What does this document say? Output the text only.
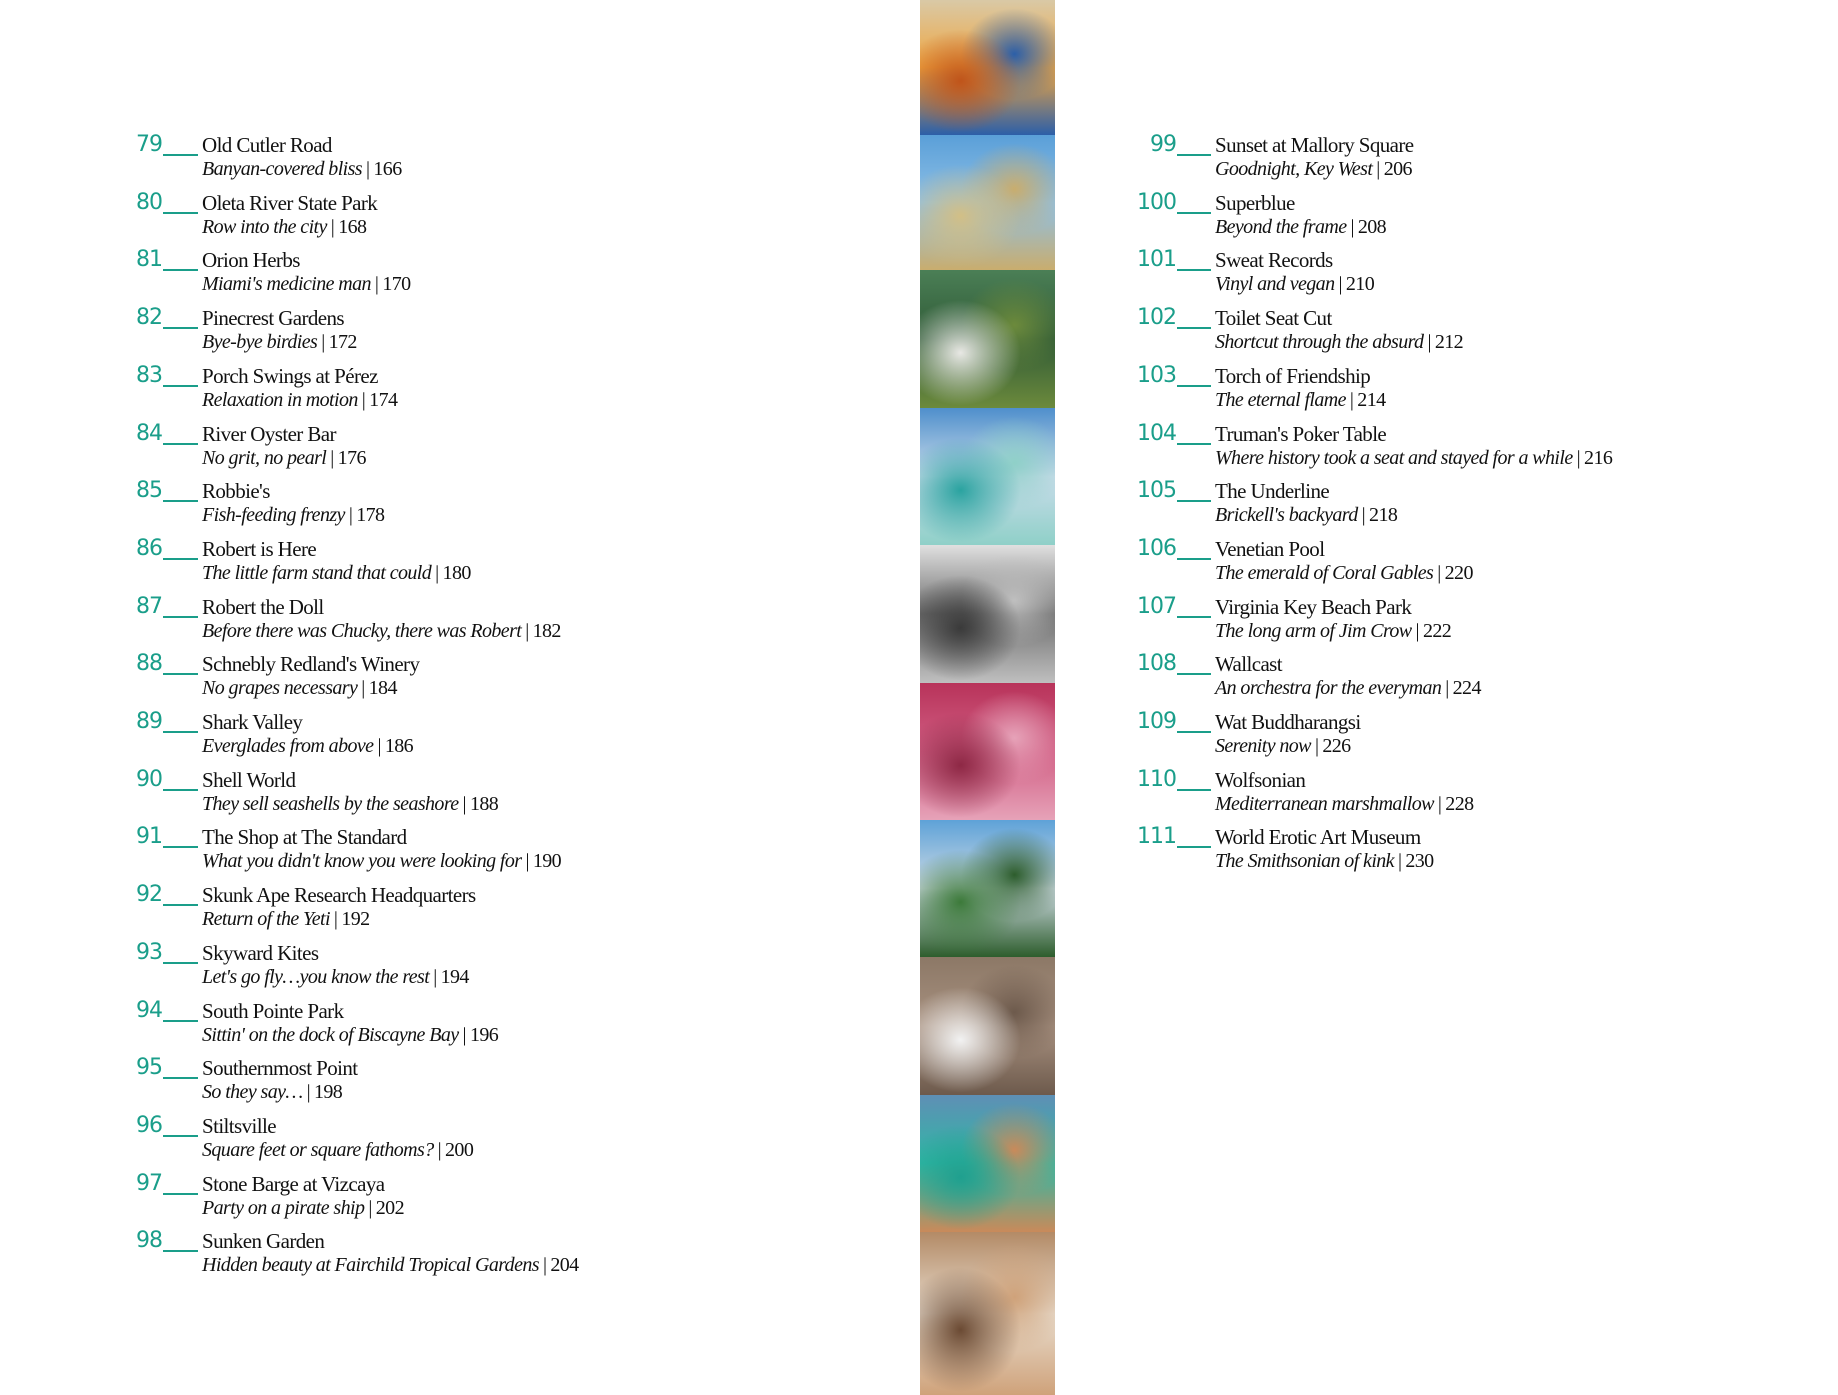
79 Old Cutler Road
Banyan-covered bliss | 166
80 Oleta River State Park
Row into the city | 168
81 Orion Herbs
Miami's medicine man | 170
82 Pinecrest Gardens
Bye-bye birdies | 172
83 Porch Swings at Pérez
Relaxation in motion | 174
84 River Oyster Bar
No grit, no pearl | 176
85 Robbie's
Fish-feeding frenzy | 178
86 Robert is Here
The little farm stand that could | 180
87 Robert the Doll
Before there was Chucky, there was Robert | 182
88 Schnebly Redland's Winery
No grapes necessary | 184
89 Shark Valley
Everglades from above | 186
90 Shell World
They sell seashells by the seashore | 188
91 The Shop at The Standard
What you didn't know you were looking for | 190
92 Skunk Ape Research Headquarters
Return of the Yeti | 192
93 Skyward Kites
Let's go fly…you know the rest | 194
94 South Pointe Park
Sittin' on the dock of Biscayne Bay | 196
95 Southernmost Point
So they say… | 198
96 Stiltsville
Square feet or square fathoms? | 200
97 Stone Barge at Vizcaya
Party on a pirate ship | 202
98 Sunken Garden
Hidden beauty at Fairchild Tropical Gardens | 204
99 Sunset at Mallory Square
Goodnight, Key West | 206
100 Superblue
Beyond the frame | 208
101 Sweat Records
Vinyl and vegan | 210
102 Toilet Seat Cut
Shortcut through the absurd | 212
103 Torch of Friendship
The eternal flame | 214
104 Truman's Poker Table
Where history took a seat and stayed for a while | 216
105 The Underline
Brickell's backyard | 218
106 Venetian Pool
The emerald of Coral Gables | 220
107 Virginia Key Beach Park
The long arm of Jim Crow | 222
108 Wallcast
An orchestra for the everyman | 224
109 Wat Buddharangsi
Serenity now | 226
110 Wolfsonian
Mediterranean marshmallow | 228
111 World Erotic Art Museum
The Smithsonian of kink | 230
